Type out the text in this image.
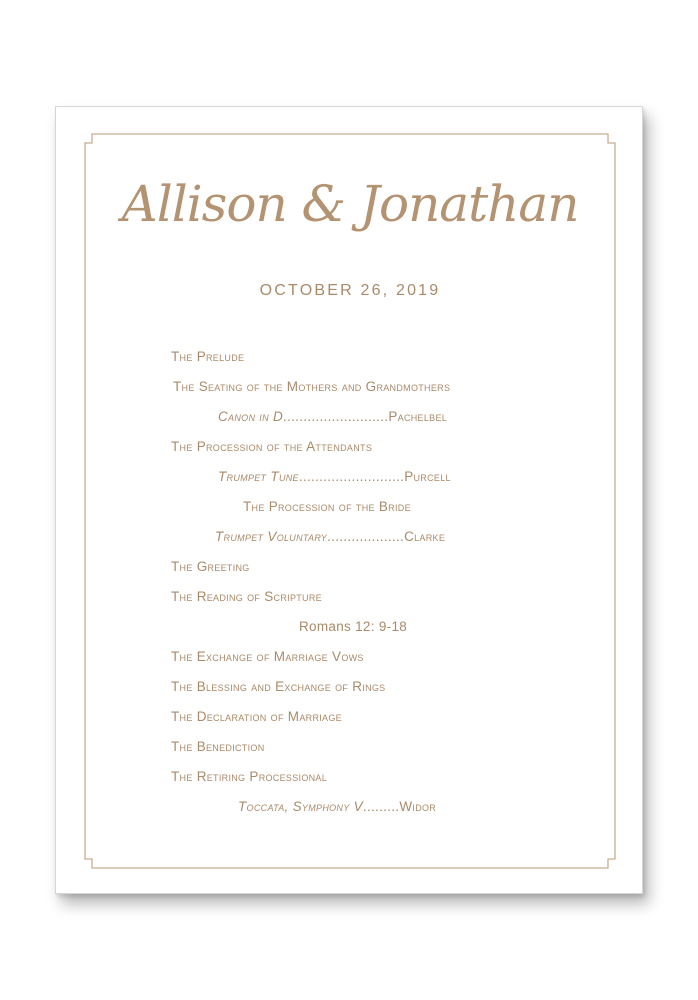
Allison & Jonathan
OCTOBER 26, 2019
The Prelude
The Seating of the Mothers and Grandmothers
Canon in D..........................Pachelbel
The Procession of the Attendants
Trumpet Tune..........................Purcell
The Procession of the Bride
Trumpet Voluntary...................Clarke
The Greeting
The Reading of Scripture
Romans 12: 9-18
The Exchange of Marriage Vows
The Blessing and Exchange of Rings
The Declaration of Marriage
The Benediction
The Retiring Processional
Toccata, Symphony V.........Widor
